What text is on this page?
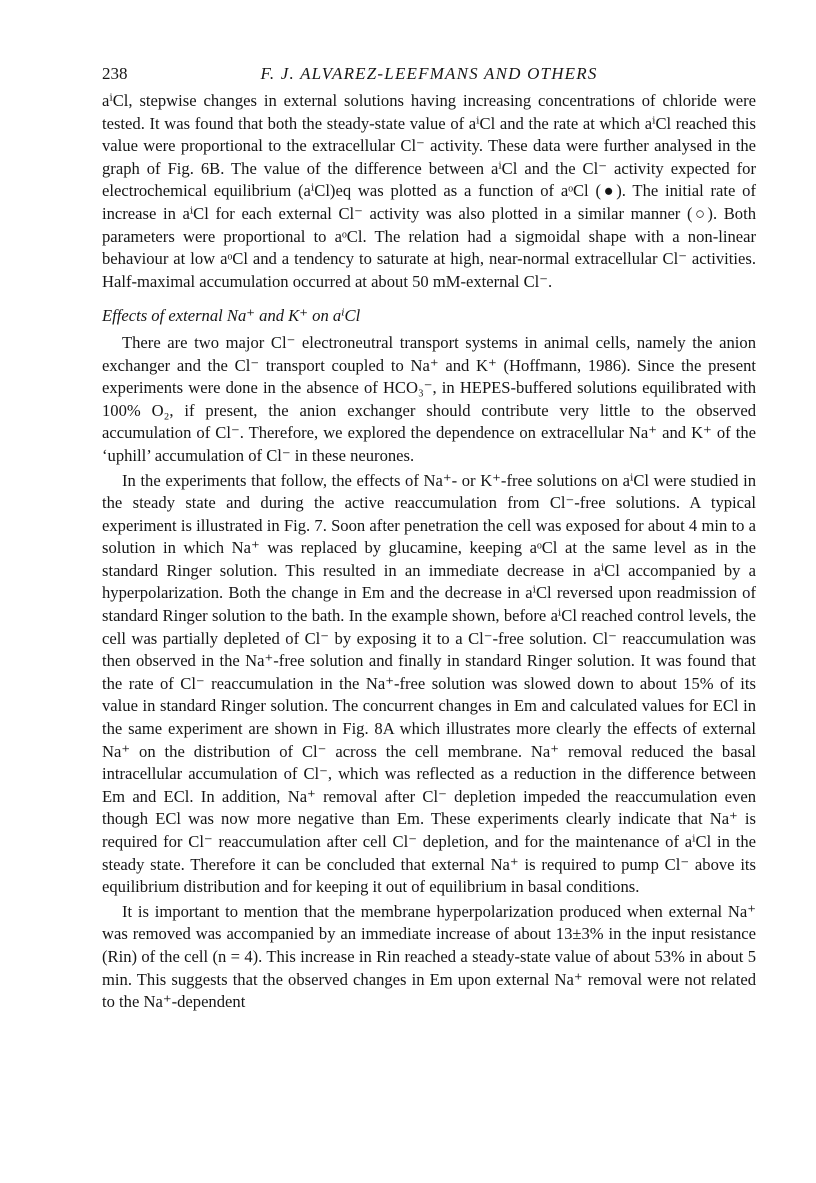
238	F. J. ALVAREZ-LEEFMANS AND OTHERS

aⁱCl, stepwise changes in external solutions having increasing concentrations of chloride were tested. It was found that both the steady-state value of aⁱCl and the rate at which aⁱCl reached this value were proportional to the extracellular Cl⁻ activity. These data were further analysed in the graph of Fig. 6B. The value of the difference between aⁱCl and the Cl⁻ activity expected for electrochemical equilibrium (aⁱCl)eq was plotted as a function of aᵒCl (●). The initial rate of increase in aⁱCl for each external Cl⁻ activity was also plotted in a similar manner (○). Both parameters were proportional to aᵒCl. The relation had a sigmoidal shape with a non-linear behaviour at low aᵒCl and a tendency to saturate at high, near-normal extracellular Cl⁻ activities. Half-maximal accumulation occurred at about 50 mM-external Cl⁻.

Effects of external Na⁺ and K⁺ on aⁱCl

There are two major Cl⁻ electroneutral transport systems in animal cells, namely the anion exchanger and the Cl⁻ transport coupled to Na⁺ and K⁺ (Hoffmann, 1986). Since the present experiments were done in the absence of HCO₃⁻, in HEPES-buffered solutions equilibrated with 100% O₂, if present, the anion exchanger should contribute very little to the observed accumulation of Cl⁻. Therefore, we explored the dependence on extracellular Na⁺ and K⁺ of the ‘uphill’ accumulation of Cl⁻ in these neurones.

In the experiments that follow, the effects of Na⁺- or K⁺-free solutions on aⁱCl were studied in the steady state and during the active reaccumulation from Cl⁻-free solutions. A typical experiment is illustrated in Fig. 7. Soon after penetration the cell was exposed for about 4 min to a solution in which Na⁺ was replaced by glucamine, keeping aᵒCl at the same level as in the standard Ringer solution. This resulted in an immediate decrease in aⁱCl accompanied by a hyperpolarization. Both the change in Em and the decrease in aⁱCl reversed upon readmission of standard Ringer solution to the bath. In the example shown, before aⁱCl reached control levels, the cell was partially depleted of Cl⁻ by exposing it to a Cl⁻-free solution. Cl⁻ reaccumulation was then observed in the Na⁺-free solution and finally in standard Ringer solution. It was found that the rate of Cl⁻ reaccumulation in the Na⁺-free solution was slowed down to about 15% of its value in standard Ringer solution. The concurrent changes in Em and calculated values for ECl in the same experiment are shown in Fig. 8A which illustrates more clearly the effects of external Na⁺ on the distribution of Cl⁻ across the cell membrane. Na⁺ removal reduced the basal intracellular accumulation of Cl⁻, which was reflected as a reduction in the difference between Em and ECl. In addition, Na⁺ removal after Cl⁻ depletion impeded the reaccumulation even though ECl was now more negative than Em. These experiments clearly indicate that Na⁺ is required for Cl⁻ reaccumulation after cell Cl⁻ depletion, and for the maintenance of aⁱCl in the steady state. Therefore it can be concluded that external Na⁺ is required to pump Cl⁻ above its equilibrium distribution and for keeping it out of equilibrium in basal conditions.

It is important to mention that the membrane hyperpolarization produced when external Na⁺ was removed was accompanied by an immediate increase of about 13±3% in the input resistance (Rin) of the cell (n = 4). This increase in Rin reached a steady-state value of about 53% in about 5 min. This suggests that the observed changes in Em upon external Na⁺ removal were not related to the Na⁺-dependent
